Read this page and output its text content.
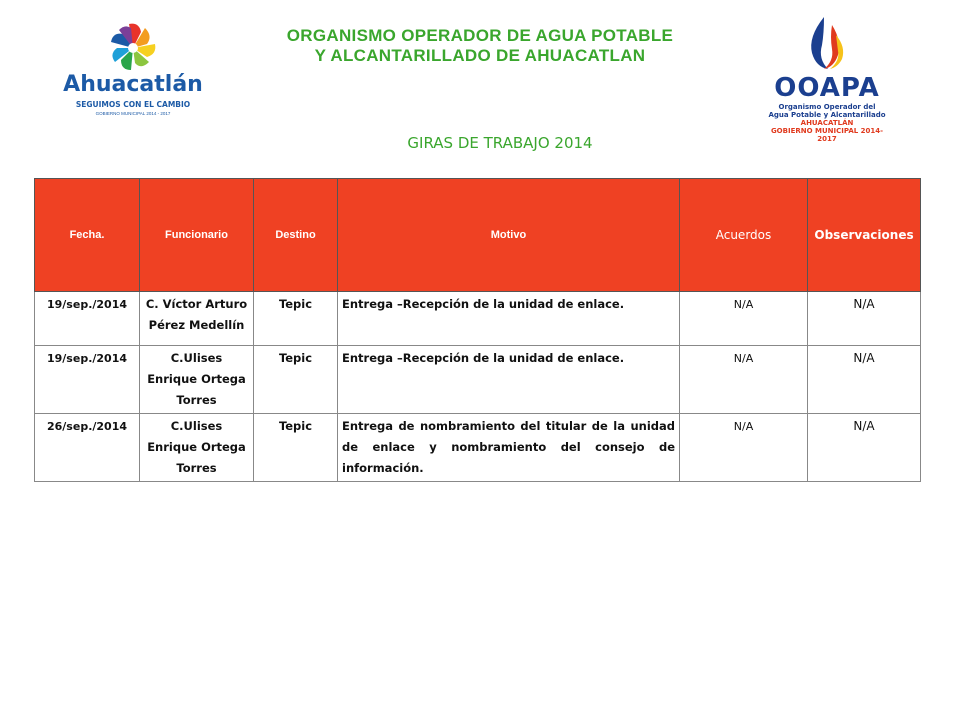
Ahuacatlán
SEGUIMOS CON EL CAMBIO
GOBIERNO MUNICIPAL 2014 - 2017
ORGANISMO OPERADOR DE AGUA POTABLE
Y ALCANTARILLADO DE AHUACATLAN
OOAPA
Organismo Operador del
Agua Potable y Alcantarillado
AHUACATLÁN
GOBIERNO MUNICIPAL 2014-2017
GIRAS DE TRABAJO 2014
Fecha.	Funcionario	Destino	Motivo	Acuerdos	Observaciones
19/sep./2014	C. Víctor Arturo Pérez Medellín	Tepic	Entrega –Recepción de la unidad de enlace.	N/A	N/A
19/sep./2014	C.Ulises Enrique Ortega Torres	Tepic	Entrega –Recepción de la unidad de enlace.	N/A	N/A
26/sep./2014	C.Ulises Enrique Ortega Torres	Tepic	Entrega de nombramiento del titular de la unidad de enlace y nombramiento del consejo de información.	N/A	N/A
